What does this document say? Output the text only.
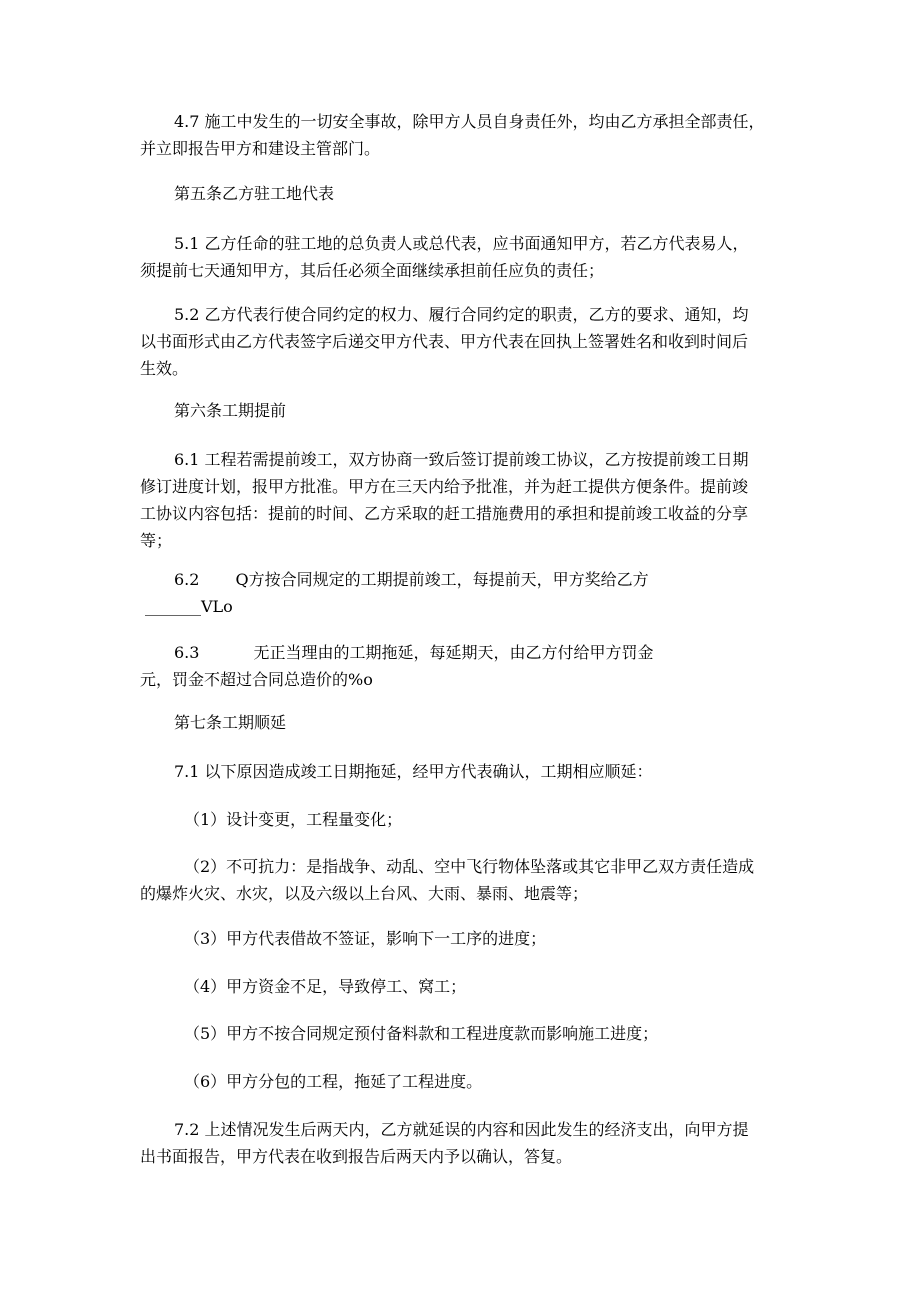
4.7 施工中发生的一切安全事故，除甲方人员自身责任外，均由乙方承担全部责任，
并立即报告甲方和建设主管部门。
第五条乙方驻工地代表
5.1 乙方任命的驻工地的总负责人或总代表，应书面通知甲方，若乙方代表易人，
须提前七天通知甲方，其后任必须全面继续承担前任应负的责任；
5.2 乙方代表行使合同约定的权力、履行合同约定的职责，乙方的要求、通知，均
以书面形式由乙方代表签字后递交甲方代表、甲方代表在回执上签署姓名和收到时间后
生效。
第六条工期提前
6.1 工程若需提前竣工，双方协商一致后签订提前竣工协议，乙方按提前竣工日期
修订进度计划，报甲方批准。甲方在三天内给予批准，并为赶工提供方便条件。提前竣
工协议内容包括：提前的时间、乙方采取的赶工措施费用的承担和提前竣工收益的分享
等；
6.2 Q方按合同规定的工期提前竣工，每提前天，甲方奖给乙方
_______VLo
6.3	无正当理由的工期拖延，每延期天，由乙方付给甲方罚金
元，罚金不超过合同总造价的%o
第七条工期顺延
7.1 以下原因造成竣工日期拖延，经甲方代表确认，工期相应顺延：
（1）设计变更，工程量变化；
（2）不可抗力：是指战争、动乱、空中飞行物体坠落或其它非甲乙双方责任造成
的爆炸火灾、水灾，以及六级以上台风、大雨、暴雨、地震等；
（3）甲方代表借故不签证，影响下一工序的进度；
（4）甲方资金不足，导致停工、窝工；
（5）甲方不按合同规定预付备料款和工程进度款而影响施工进度；
（6）甲方分包的工程，拖延了工程进度。
7.2 上述情况发生后两天内，乙方就延误的内容和因此发生的经济支出，向甲方提
出书面报告，甲方代表在收到报告后两天内予以确认，答复。
